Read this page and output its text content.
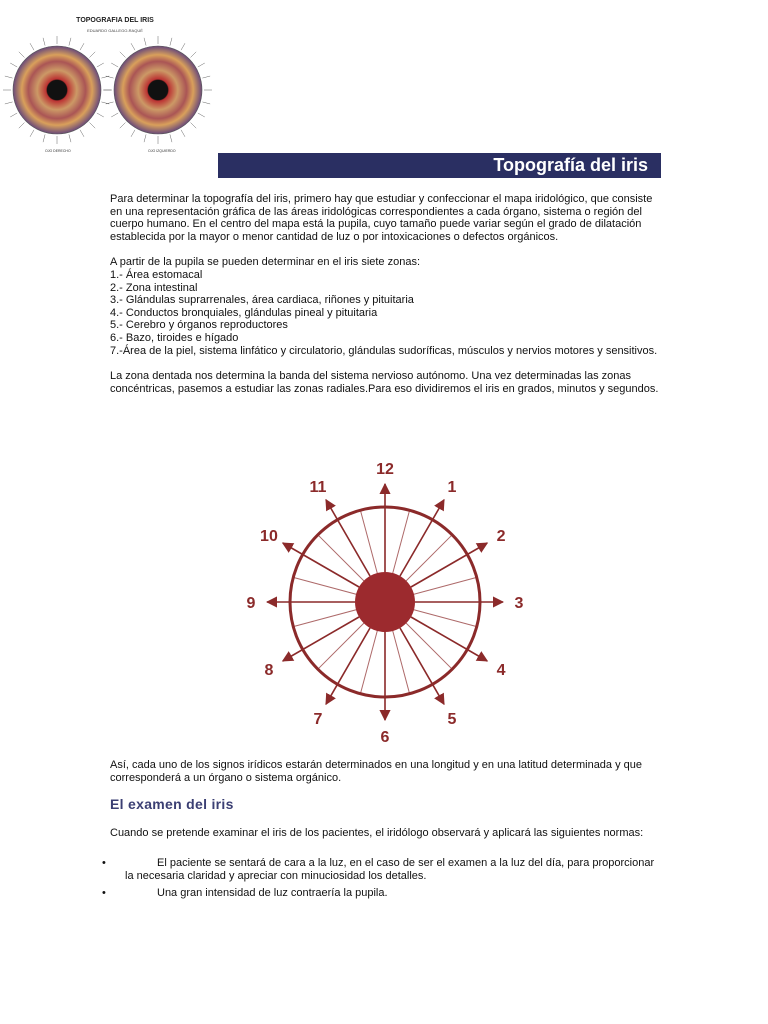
TOPOGRAFIA DEL IRIS
EDUARDO GALLEGO-RAQUÉ
OJO DERECHO	OJO IZQUIERDO
Topografía del iris

Para determinar la topografía del iris, primero hay que estudiar y confeccionar el mapa iridológico, que consiste en una representación gráfica de las áreas iridológicas correspondientes a cada órgano, sistema o región del cuerpo humano. En el centro del mapa está la pupila, cuyo tamaño puede variar según el grado de dilatación establecida por la mayor o menor cantidad de luz o por intoxicaciones o defectos orgánicos.

A partir de la pupila se pueden determinar en el iris siete zonas:

1.- Área estomacal

2.- Zona intestinal

3.- Glándulas suprarrenales, área cardiaca, riñones y pituitaria

4.- Conductos bronquiales, glándulas pineal y pituitaria

5.- Cerebro y órganos reproductores

6.- Bazo, tiroides e hígado

7.-Área de la piel, sistema linfático y circulatorio, glándulas sudoríficas, músculos y nervios motores y sensitivos.

La zona dentada nos determina la banda del sistema nervioso autónomo. Una vez determinadas las zonas concéntricas, pasemos a estudiar las zonas radiales.Para eso dividiremos el iris en grados, minutos y segundos.

12
1
2
3
4
5
6
7
8
9
10
11

Así, cada uno de los signos irídicos estarán determinados en una longitud y en una latitud determinada y que corresponderá a un órgano o sistema orgánico.

El examen del iris

Cuando se pretende examinar el iris de los pacientes, el iridólogo observará y aplicará las siguientes normas:

•	El paciente se sentará de cara a la luz, en el caso de ser el examen a la luz del día, para proporcionar la necesaria claridad y apreciar con minuciosidad los detalles.
•	Una gran intensidad de luz contraería la pupila.
